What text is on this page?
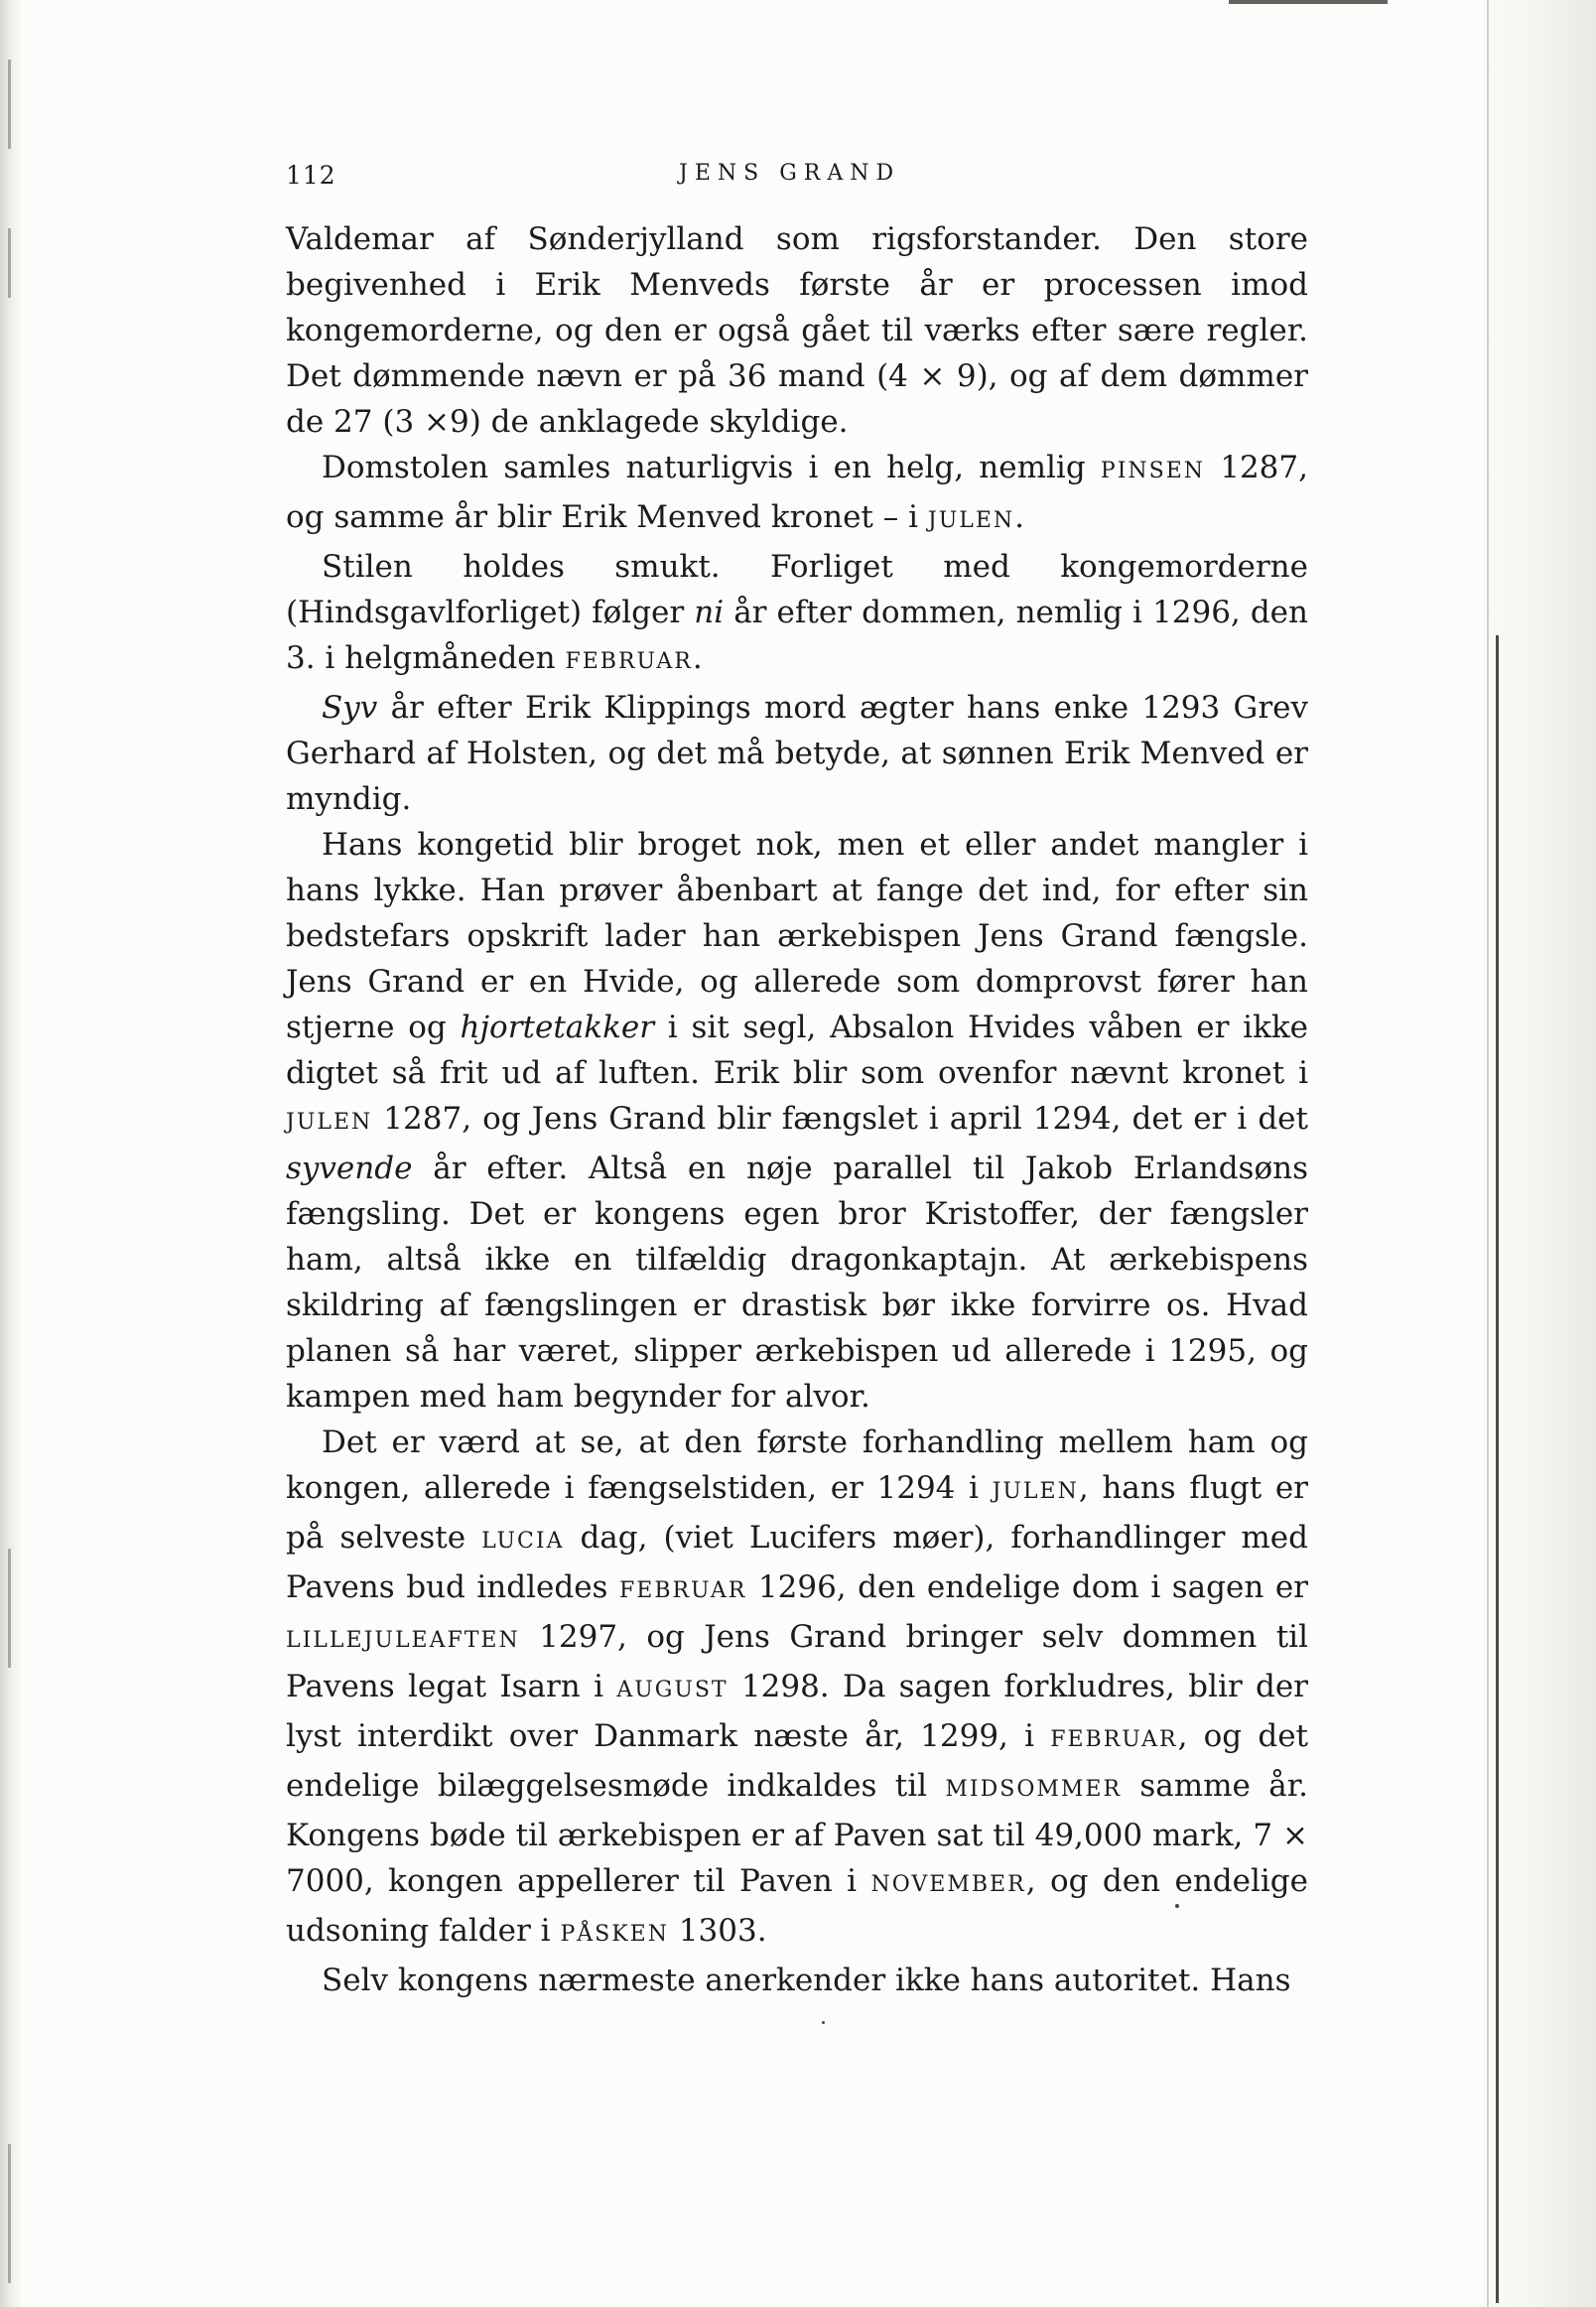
112	JENS GRAND

Valdemar af Sønderjylland som rigsforstander. Den store begivenhed i Erik Menveds første år er processen imod kongemorderne, og den er også gået til værks efter sære regler. Det dømmende nævn er på 36 mand (4 × 9), og af dem dømmer de 27 (3 ×9) de anklagede skyldige.

Domstolen samles naturligvis i en helg, nemlig PINSEN 1287, og samme år blir Erik Menved kronet – i JULEN.

Stilen holdes smukt. Forliget med kongemorderne (Hindsgavlforliget) følger ni år efter dommen, nemlig i 1296, den 3. i helgmåneden FEBRUAR.

Syv år efter Erik Klippings mord ægter hans enke 1293 Grev Gerhard af Holsten, og det må betyde, at sønnen Erik Menved er myndig.

Hans kongetid blir broget nok, men et eller andet mangler i hans lykke. Han prøver åbenbart at fange det ind, for efter sin bedstefars opskrift lader han ærkebispen Jens Grand fængsle. Jens Grand er en Hvide, og allerede som domprovst fører han stjerne og hjortetakker i sit segl, Absalon Hvides våben er ikke digtet så frit ud af luften. Erik blir som ovenfor nævnt kronet i JULEN 1287, og Jens Grand blir fængslet i april 1294, det er i det syvende år efter. Altså en nøje parallel til Jakob Erlandsøns fængsling. Det er kongens egen bror Kristoffer, der fængsler ham, altså ikke en tilfældig dragonkaptajn. At ærkebispens skildring af fængslingen er drastisk bør ikke forvirre os. Hvad planen så har været, slipper ærkebispen ud allerede i 1295, og kampen med ham begynder for alvor.

Det er værd at se, at den første forhandling mellem ham og kongen, allerede i fængselstiden, er 1294 i JULEN, hans flugt er på selveste LUCIA dag, (viet Lucifers møer), forhandlinger med Pavens bud indledes FEBRUAR 1296, den endelige dom i sagen er LILLEJULEAFTEN 1297, og Jens Grand bringer selv dommen til Pavens legat Isarn i AUGUST 1298. Da sagen forkludres, blir der lyst interdikt over Danmark næste år, 1299, i FEBRUAR, og det endelige bilæggelsesmøde indkaldes til MIDSOMMER samme år. Kongens bøde til ærkebispen er af Paven sat til 49,000 mark, 7 × 7000, kongen appellerer til Paven i NOVEMBER, og den endelige udsoning falder i PÅSKEN 1303.

Selv kongens nærmeste anerkender ikke hans autoritet. Hans
